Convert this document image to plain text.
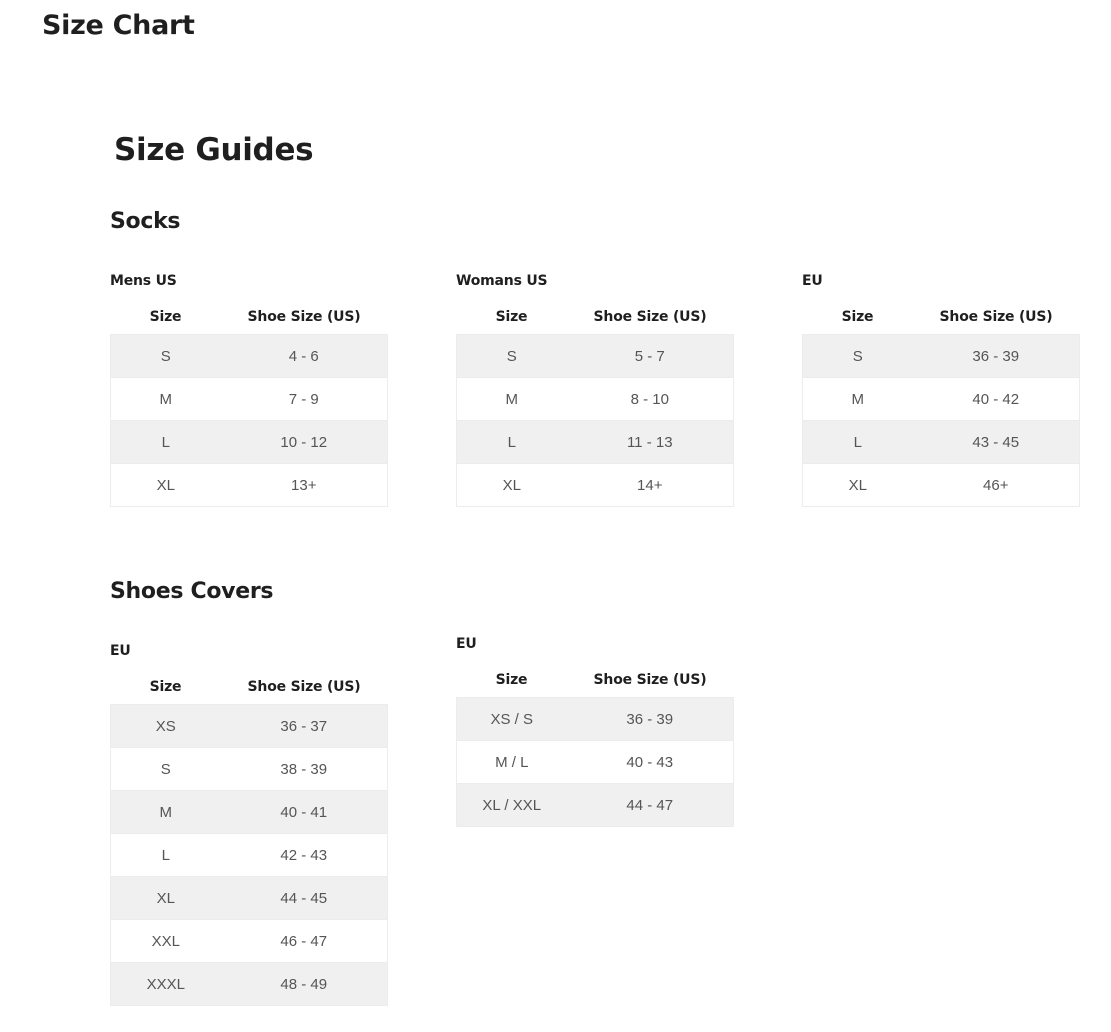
Size Chart
Size Guides
Socks
Mens US
Size	Shoe Size (US)
S	4 - 6
M	7 - 9
L	10 - 12
XL	13+
Womans US
Size	Shoe Size (US)
S	5 - 7
M	8 - 10
L	11 - 13
XL	14+
EU
Size	Shoe Size (US)
S	36 - 39
M	40 - 42
L	43 - 45
XL	46+
Shoes Covers
EU
Size	Shoe Size (US)
XS	36 - 37
S	38 - 39
M	40 - 41
L	42 - 43
XL	44 - 45
XXL	46 - 47
XXXL	48 - 49
EU
Size	Shoe Size (US)
XS / S	36 - 39
M / L	40 - 43
XL / XXL	44 - 47
